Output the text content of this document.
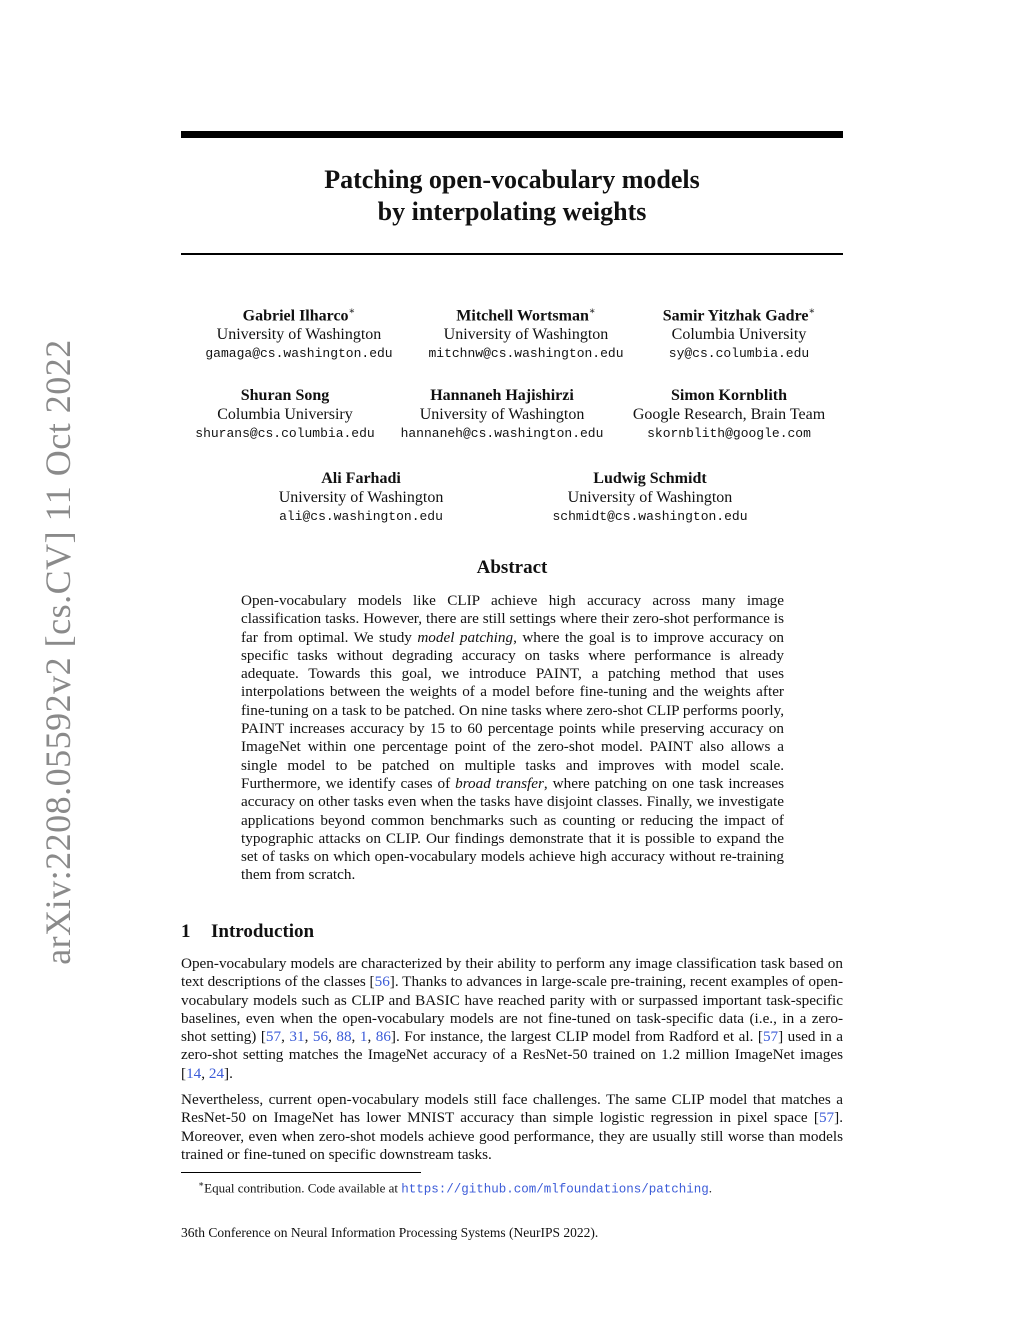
arXiv:2208.05592v2 [cs.CV] 11 Oct 2022
Patching open-vocabulary models
by interpolating weights
Gabriel Ilharco∗
University of Washington
gamaga@cs.washington.edu
Mitchell Wortsman∗
University of Washington
mitchnw@cs.washington.edu
Samir Yitzhak Gadre∗
Columbia University
sy@cs.columbia.edu
Shuran Song
Columbia Universiry
shurans@cs.columbia.edu
Hannaneh Hajishirzi
University of Washington
hannaneh@cs.washington.edu
Simon Kornblith
Google Research, Brain Team
skornblith@google.com
Ali Farhadi
University of Washington
ali@cs.washington.edu
Ludwig Schmidt
University of Washington
schmidt@cs.washington.edu
Abstract

Open-vocabulary models like CLIP achieve high accuracy across many image classification tasks. However, there are still settings where their zero-shot performance is far from optimal. We study model patching, where the goal is to improve accuracy on specific tasks without degrading accuracy on tasks where performance is already adequate. Towards this goal, we introduce PAINT, a patching method that uses interpolations between the weights of a model before fine-tuning and the weights after fine-tuning on a task to be patched. On nine tasks where zero-shot CLIP performs poorly, PAINT increases accuracy by 15 to 60 percentage points while preserving accuracy on ImageNet within one percentage point of the zero-shot model. PAINT also allows a single model to be patched on multiple tasks and improves with model scale. Furthermore, we identify cases of broad transfer, where patching on one task increases accuracy on other tasks even when the tasks have disjoint classes. Finally, we investigate applications beyond common benchmarks such as counting or reducing the impact of typographic attacks on CLIP. Our findings demonstrate that it is possible to expand the set of tasks on which open-vocabulary models achieve high accuracy without re-training them from scratch.

1 Introduction

Open-vocabulary models are characterized by their ability to perform any image classification task based on text descriptions of the classes [56]. Thanks to advances in large-scale pre-training, recent examples of open-vocabulary models such as CLIP and BASIC have reached parity with or surpassed important task-specific baselines, even when the open-vocabulary models are not fine-tuned on task-specific data (i.e., in a zero-shot setting) [57, 31, 56, 88, 1, 86]. For instance, the largest CLIP model from Radford et al. [57] used in a zero-shot setting matches the ImageNet accuracy of a ResNet-50 trained on 1.2 million ImageNet images [14, 24].

Nevertheless, current open-vocabulary models still face challenges. The same CLIP model that matches a ResNet-50 on ImageNet has lower MNIST accuracy than simple logistic regression in pixel space [57]. Moreover, even when zero-shot models achieve good performance, they are usually still worse than models trained or fine-tuned on specific downstream tasks.

∗Equal contribution. Code available at https://github.com/mlfoundations/patching.
36th Conference on Neural Information Processing Systems (NeurIPS 2022).
